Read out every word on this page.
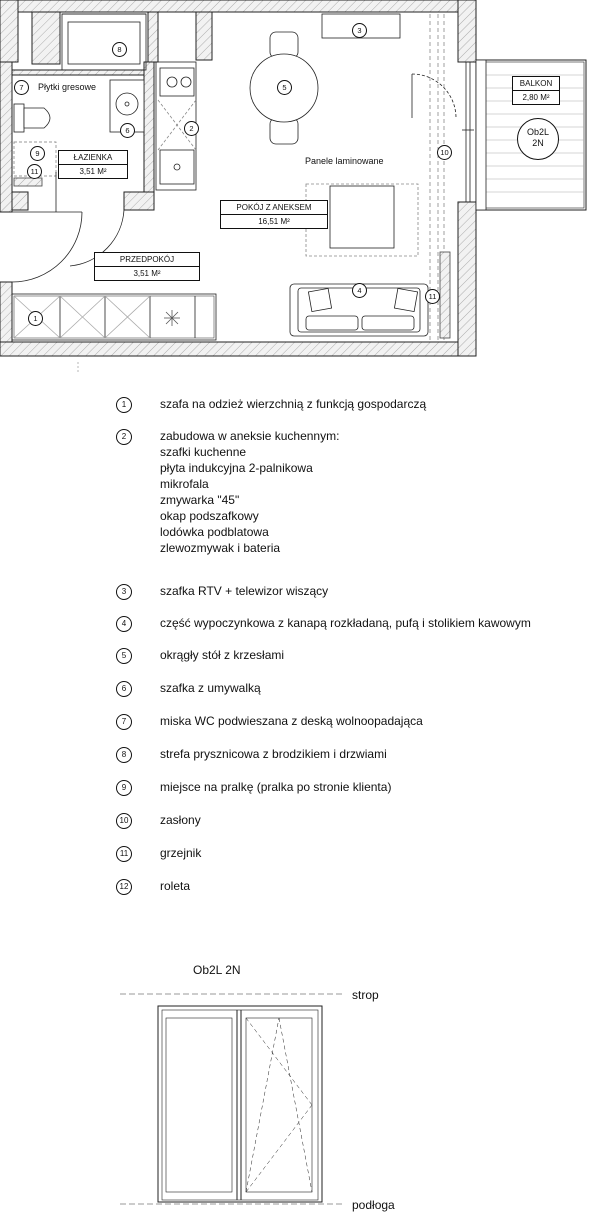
Płytki gresowe
Panele laminowane
ŁAZIENKA
3,51 M²
PRZEDPOKÓJ
3,51 M²
POKÓJ Z ANEKSEM
16,51 M²
BALKON
2,80 M²
Ob2L
2N
1
2
3
4
5
6
7
8
9	10
11
11
1	szafa na odzież wierzchnią z funkcją gospodarczą
2	zabudowa w aneksie kuchennym:
szafki kuchenne
płyta indukcyjna 2-palnikowa
mikrofala
zmywarka "45"
okap podszafkowy
lodówka podblatowa
zlewozmywak i bateria
3	szafka RTV + telewizor wiszący
4	część wypoczynkowa z kanapą rozkładaną, pufą i stolikiem kawowym
5	okrągły stół z krzesłami
6	szafka z umywalką
7	miska WC podwieszana z deską wolnoopadająca
8	strefa prysznicowa z brodzikiem i drzwiami
9	miejsce na pralkę (pralka po stronie klienta)
10	zasłony
11	grzejnik
12	roleta
Ob2L 2N
strop
podłoga
